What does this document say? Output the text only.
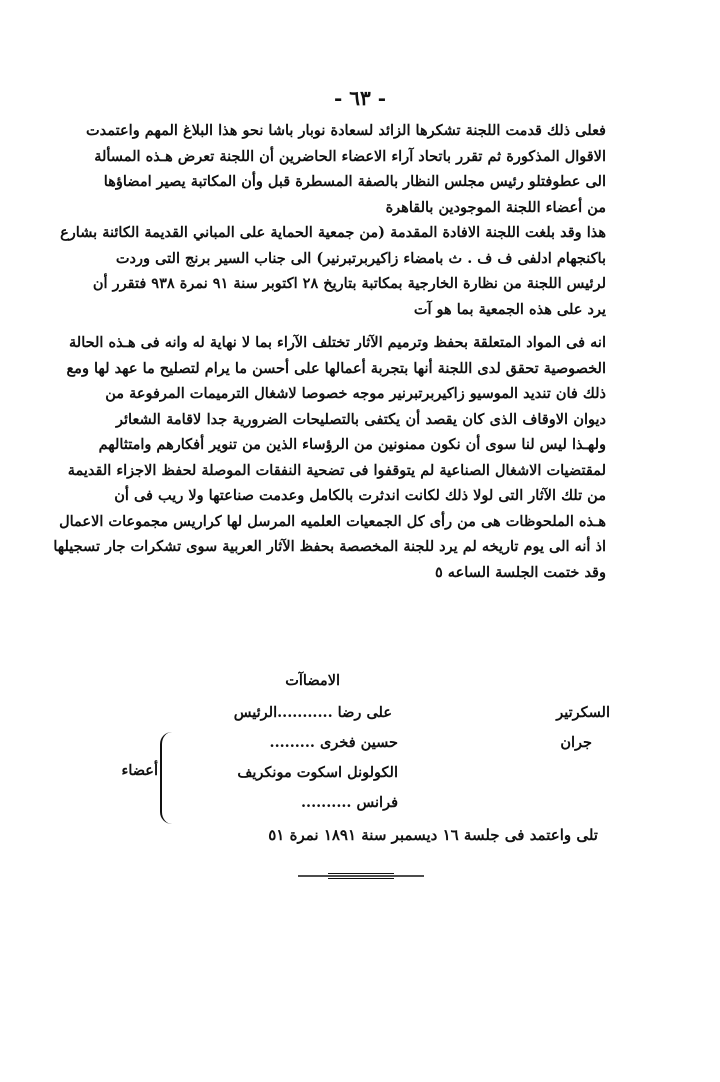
- ٦٣ -
فعلى ذلك قدمت اللجنة تشكرها الزائد لسعادة نوبار باشا نحو هذا البلاغ المهم واعتمدت
الاقوال المذكورة ثم تقرر باتحاد آراء الاعضاء الحاضرين أن اللجنة تعرض هـذه المسألة
الى عطوفتلو رئيس مجلس النظار بالصفة المسطرة قبل وأن المكاتبة يصير امضاؤها
من أعضاء اللجنة الموجودين بالقاهرة
هذا وقد بلغت اللجنة الافادة المقدمة (من جمعية الحماية على المباني القديمة الكائنة بشارع
باكنجهام ادلفى ف ف . ث بامضاء زاكيربرتبرنير) الى جناب السير برنج التى وردت
لرئيس اللجنة من نظارة الخارجية بمكاتبة بتاريخ ٢٨ اكتوبر سنة ٩١ نمرة ٩٣٨ فتقرر أن
يرد على هذه الجمعية بما هو آت
انه فى المواد المتعلقة بحفظ وترميم الآثار تختلف الآراء بما لا نهاية له وانه فى هـذه الحالة
الخصوصية تحقق لدى اللجنة أنها بتجربة أعمالها على أحسن ما يرام لتصليح ما عهد لها ومع
ذلك فان تنديد الموسيو زاكيربرتبرنير موجه خصوصا لاشغال الترميمات المرفوعة من
ديوان الاوقاف الذى كان يقصد أن يكتفى بالتصليحات الضرورية جدا لاقامة الشعائر
ولهـذا ليس لنا سوى أن نكون ممنونين من الرؤساء الذين من تنوير أفكارهم وامتثالهم
لمقتضيات الاشغال الصناعية لم يتوقفوا فى تضحية النفقات الموصلة لحفظ الاجزاء القديمة
من تلك الآثار التى لولا ذلك لكانت اندثرت بالكامل وعدمت صناعتها ولا ريب فى أن
هـذه الملحوظات هى من رأى كل الجمعيات العلميه المرسل لها كراريس مجموعات الاعمال
اذ أنه الى يوم تاريخه لم يرد للجنة المخصصة بحفظ الآثار العربية سوى تشكرات جار تسجيلها
وقد ختمت الجلسة الساعه ٥
الامضاآت
السكرتير
جران
على رضا ...........الرئيس
حسين فخرى .........
الكولونل اسكوت مونكريف
فرانس ..........
أعضاء
تلى واعتمد فى جلسة ١٦ ديسمبر سنة ١٨٩١ نمرة ٥١
